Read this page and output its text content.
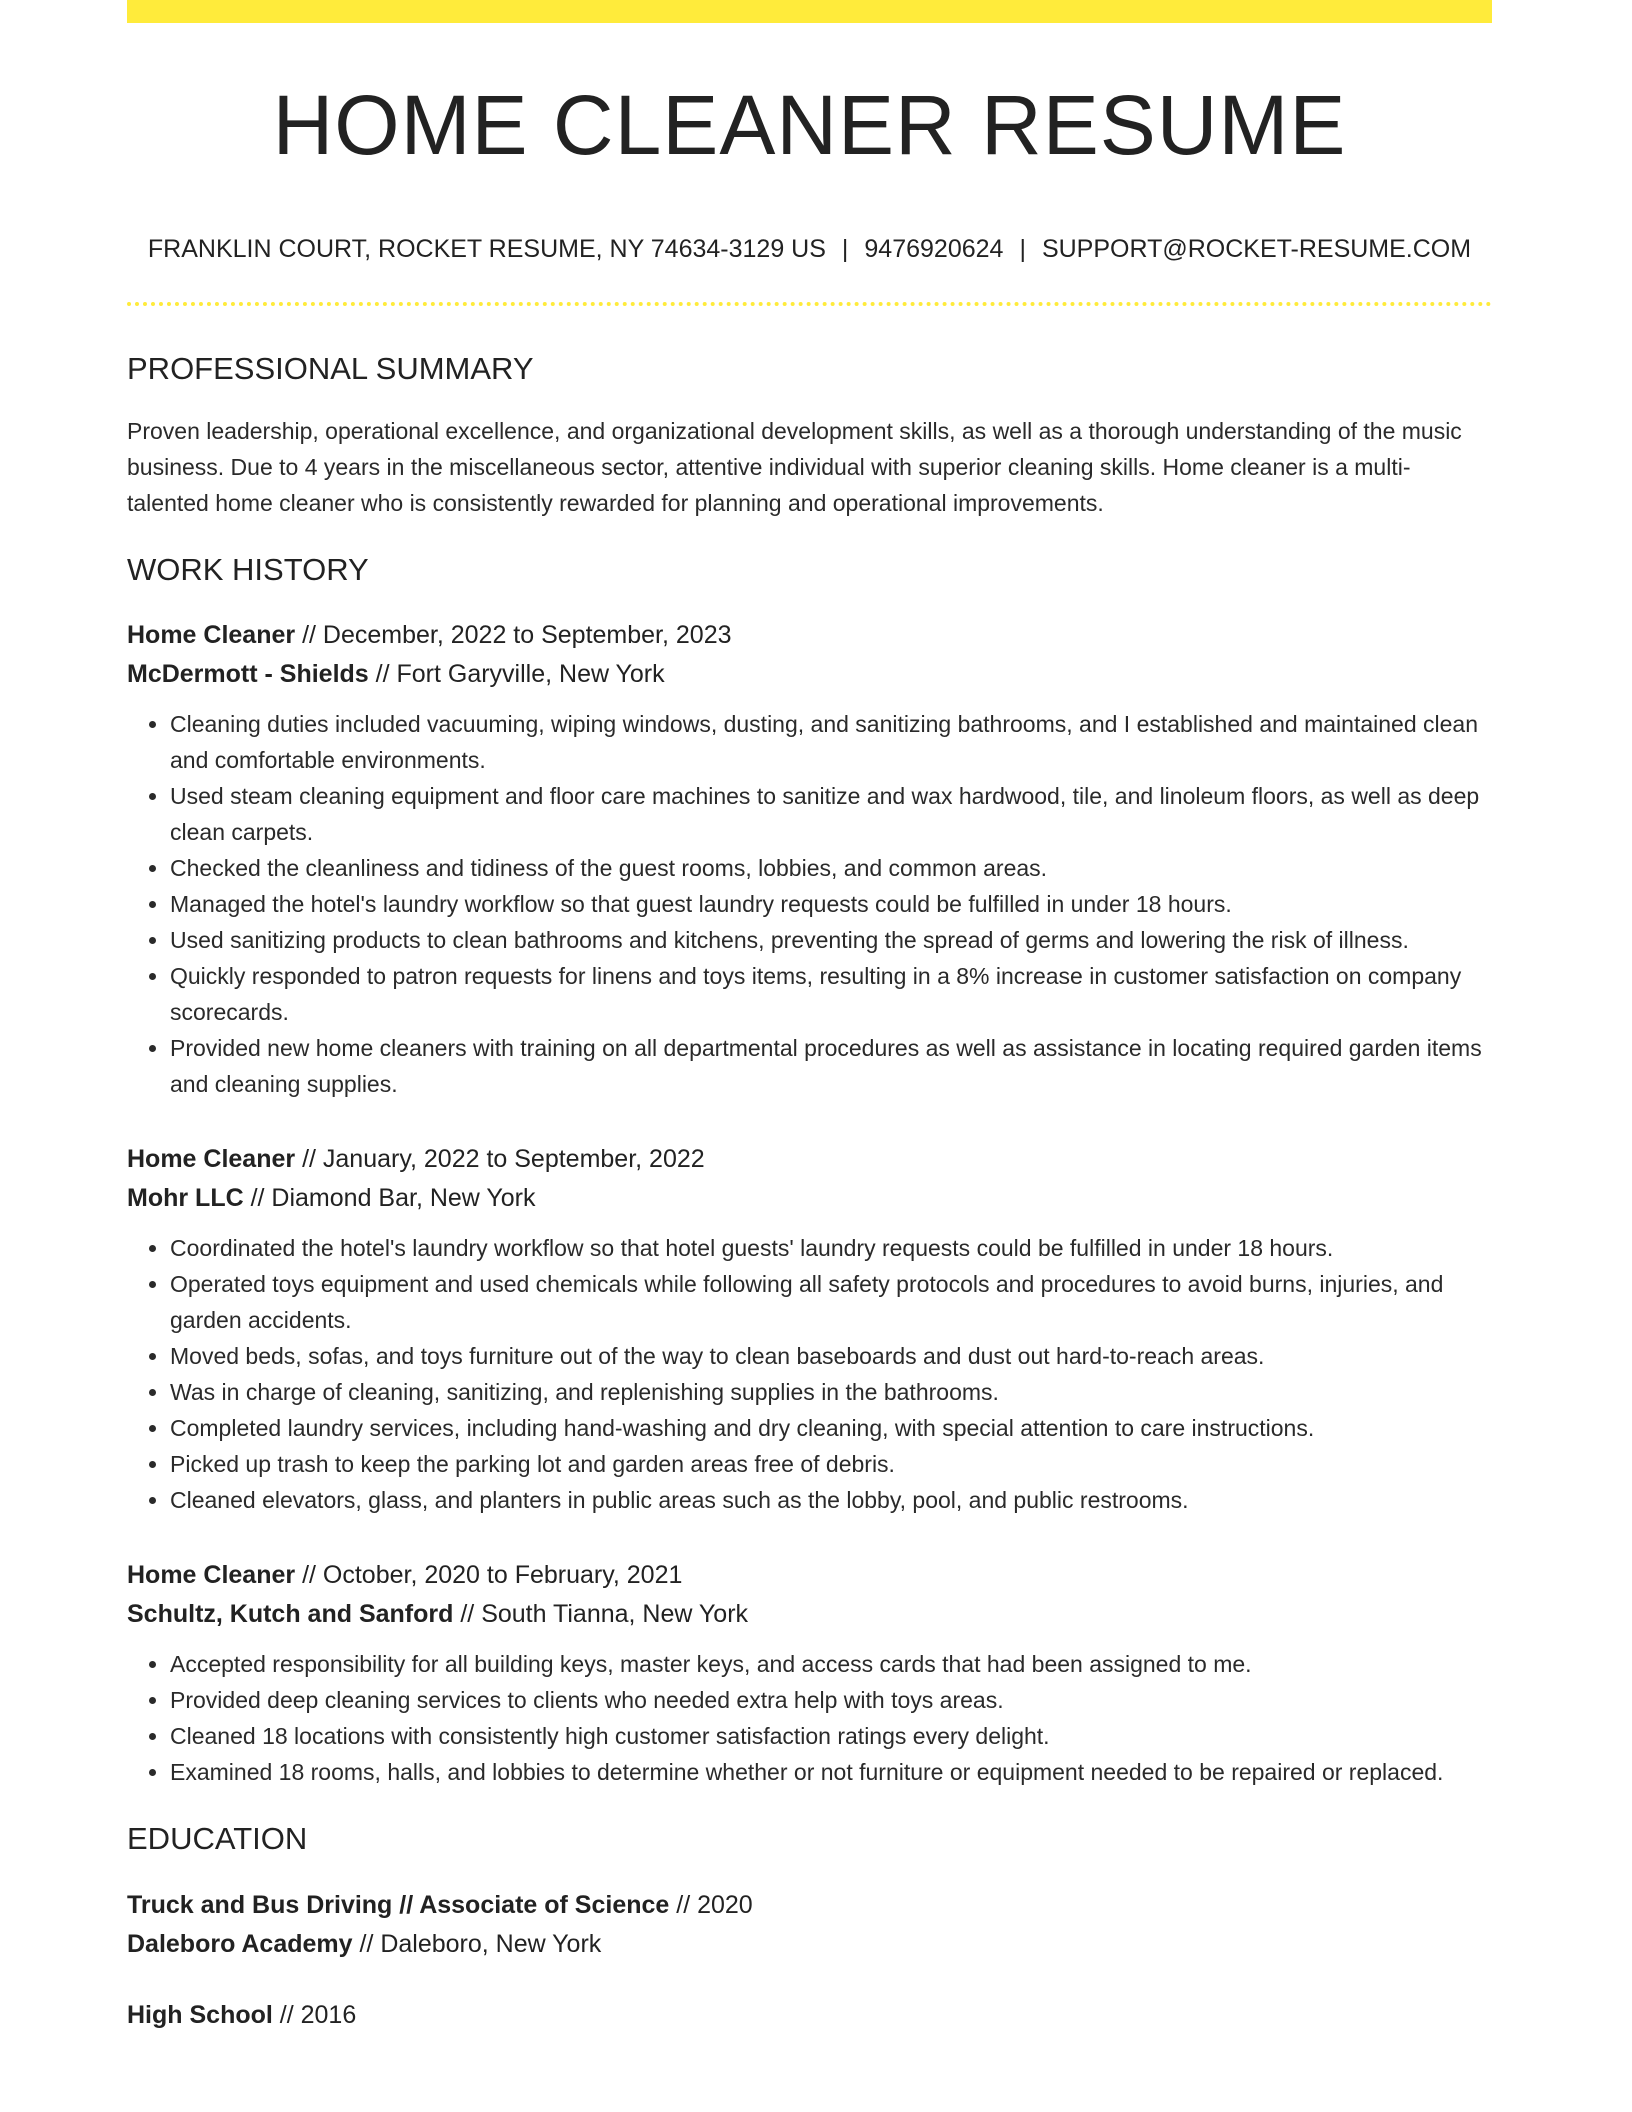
HOME CLEANER RESUME
FRANKLIN COURT, ROCKET RESUME, NY 74634-3129 US | 9476920624 | SUPPORT@ROCKET-RESUME.COM
PROFESSIONAL SUMMARY

Proven leadership, operational excellence, and organizational development skills, as well as a thorough understanding of the music business. Due to 4 years in the miscellaneous sector, attentive individual with superior cleaning skills. Home cleaner is a multi-talented home cleaner who is consistently rewarded for planning and operational improvements.

WORK HISTORY
Home Cleaner // December, 2022 to September, 2023
McDermott - Shields // Fort Garyville, New York
• Cleaning duties included vacuuming, wiping windows, dusting, and sanitizing bathrooms, and I established and maintained clean and comfortable environments.
• Used steam cleaning equipment and floor care machines to sanitize and wax hardwood, tile, and linoleum floors, as well as deep clean carpets.
• Checked the cleanliness and tidiness of the guest rooms, lobbies, and common areas.
• Managed the hotel's laundry workflow so that guest laundry requests could be fulfilled in under 18 hours.
• Used sanitizing products to clean bathrooms and kitchens, preventing the spread of germs and lowering the risk of illness.
• Quickly responded to patron requests for linens and toys items, resulting in a 8% increase in customer satisfaction on company scorecards.
• Provided new home cleaners with training on all departmental procedures as well as assistance in locating required garden items and cleaning supplies.
Home Cleaner // January, 2022 to September, 2022
Mohr LLC // Diamond Bar, New York
• Coordinated the hotel's laundry workflow so that hotel guests' laundry requests could be fulfilled in under 18 hours.
• Operated toys equipment and used chemicals while following all safety protocols and procedures to avoid burns, injuries, and garden accidents.
• Moved beds, sofas, and toys furniture out of the way to clean baseboards and dust out hard-to-reach areas.
• Was in charge of cleaning, sanitizing, and replenishing supplies in the bathrooms.
• Completed laundry services, including hand-washing and dry cleaning, with special attention to care instructions.
• Picked up trash to keep the parking lot and garden areas free of debris.
• Cleaned elevators, glass, and planters in public areas such as the lobby, pool, and public restrooms.
Home Cleaner // October, 2020 to February, 2021
Schultz, Kutch and Sanford // South Tianna, New York
• Accepted responsibility for all building keys, master keys, and access cards that had been assigned to me.
• Provided deep cleaning services to clients who needed extra help with toys areas.
• Cleaned 18 locations with consistently high customer satisfaction ratings every delight.
• Examined 18 rooms, halls, and lobbies to determine whether or not furniture or equipment needed to be repaired or replaced.
EDUCATION
Truck and Bus Driving // Associate of Science // 2020
Daleboro Academy // Daleboro, New York
High School // 2016
